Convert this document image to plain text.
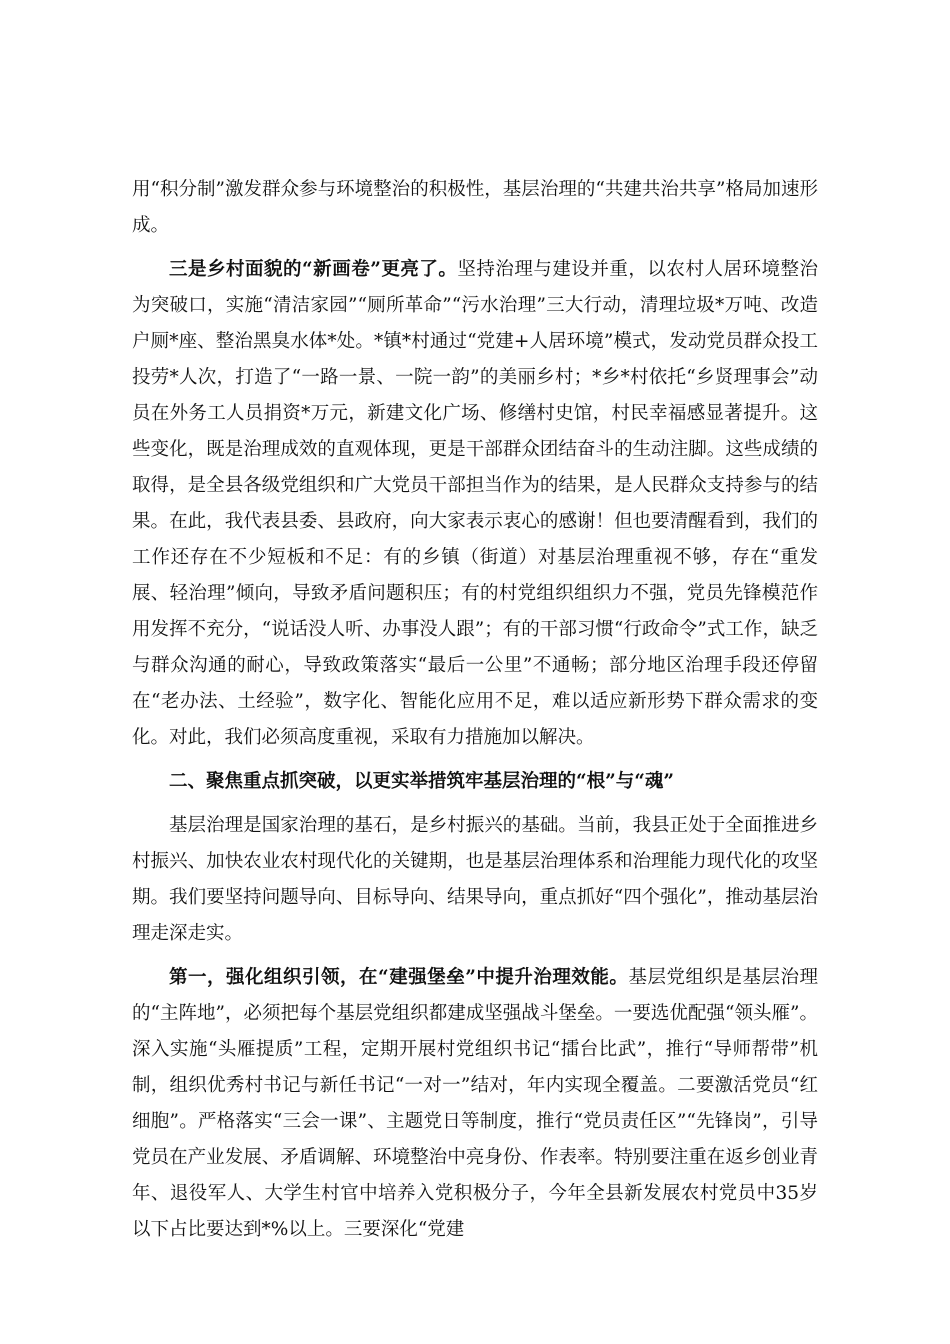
用“积分制”激发群众参与环境整治的积极性，基层治理的“共建共治共享”格局加速形成。

三是乡村面貌的“新画卷”更亮了。坚持治理与建设并重，以农村人居环境整治为突破口，实施“清洁家园”“厕所革命”“污水治理”三大行动，清理垃圾*万吨、改造户厕*座、整治黑臭水体*处。*镇*村通过“党建+人居环境”模式，发动党员群众投工投劳*人次，打造了“一路一景、一院一韵”的美丽乡村；*乡*村依托“乡贤理事会”动员在外务工人员捐资*万元，新建文化广场、修缮村史馆，村民幸福感显著提升。这些变化，既是治理成效的直观体现，更是干部群众团结奋斗的生动注脚。这些成绩的取得，是全县各级党组织和广大党员干部担当作为的结果，是人民群众支持参与的结果。在此，我代表县委、县政府，向大家表示衷心的感谢！但也要清醒看到，我们的工作还存在不少短板和不足：有的乡镇（街道）对基层治理重视不够，存在“重发展、轻治理”倾向，导致矛盾问题积压；有的村党组织组织力不强，党员先锋模范作用发挥不充分，“说话没人听、办事没人跟”；有的干部习惯“行政命令”式工作，缺乏与群众沟通的耐心，导致政策落实“最后一公里”不通畅；部分地区治理手段还停留在“老办法、土经验”，数字化、智能化应用不足，难以适应新形势下群众需求的变化。对此，我们必须高度重视，采取有力措施加以解决。

二、聚焦重点抓突破，以更实举措筑牢基层治理的“根”与“魂”

基层治理是国家治理的基石，是乡村振兴的基础。当前，我县正处于全面推进乡村振兴、加快农业农村现代化的关键期，也是基层治理体系和治理能力现代化的攻坚期。我们要坚持问题导向、目标导向、结果导向，重点抓好“四个强化”，推动基层治理走深走实。

第一，强化组织引领，在“建强堡垒”中提升治理效能。基层党组织是基层治理的“主阵地”，必须把每个基层党组织都建成坚强战斗堡垒。一要选优配强“领头雁”。深入实施“头雁提质”工程，定期开展村党组织书记“擂台比武”，推行“导师帮带”机制，组织优秀村书记与新任书记“一对一”结对，年内实现全覆盖。二要激活党员“红细胞”。严格落实“三会一课”、主题党日等制度，推行“党员责任区”“先锋岗”，引导党员在产业发展、矛盾调解、环境整治中亮身份、作表率。特别要注重在返乡创业青年、退役军人、大学生村官中培养入党积极分子，今年全县新发展农村党员中35岁以下占比要达到*%以上。三要深化“党建
